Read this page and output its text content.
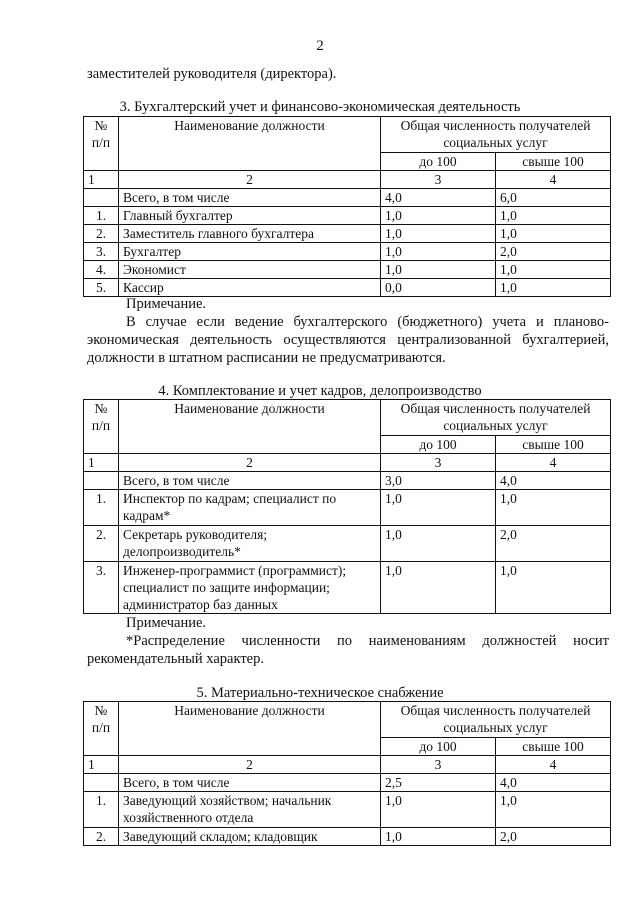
2
заместителей руководителя (директора).
3. Бухгалтерский учет и финансово-экономическая деятельность
№
п/п	Наименование должности	Общая численность получателей социальных услуг	
		до 100	свыше 100
1	2	3	4
	Всего, в том числе	4,0	6,0
1.	Главный бухгалтер	1,0	1,0
2.	Заместитель главного бухгалтера	1,0	1,0
3.	Бухгалтер	1,0	2,0
4.	Экономист	1,0	1,0
5.	Кассир	0,0	1,0
Примечание.
В случае если ведение бухгалтерского (бюджетного) учета и планово-экономическая деятельность осуществляются централизованной бухгалтерией, должности в штатном расписании не предусматриваются.
4. Комплектование и учет кадров, делопроизводство
№
п/п	Наименование должности	Общая численность получателей социальных услуг	
		до 100	свыше 100
1	2	3	4
	Всего, в том числе	3,0	4,0
1.	Инспектор по кадрам; специалист по кадрам*	1,0	1,0
2.	Секретарь руководителя; делопроизводитель*	1,0	2,0
3.	Инженер-программист (программист); специалист по защите информации; администратор баз данных	1,0	1,0
Примечание.
*Распределение численности по наименованиям должностей носит рекомендательный характер.
5. Материально-техническое снабжение
№
п/п	Наименование должности	Общая численность получателей социальных услуг	
		до 100	свыше 100
1	2	3	4
	Всего, в том числе	2,5	4,0
1.	Заведующий хозяйством; начальник хозяйственного отдела	1,0	1,0
2.	Заведующий складом; кладовщик	1,0	2,0
